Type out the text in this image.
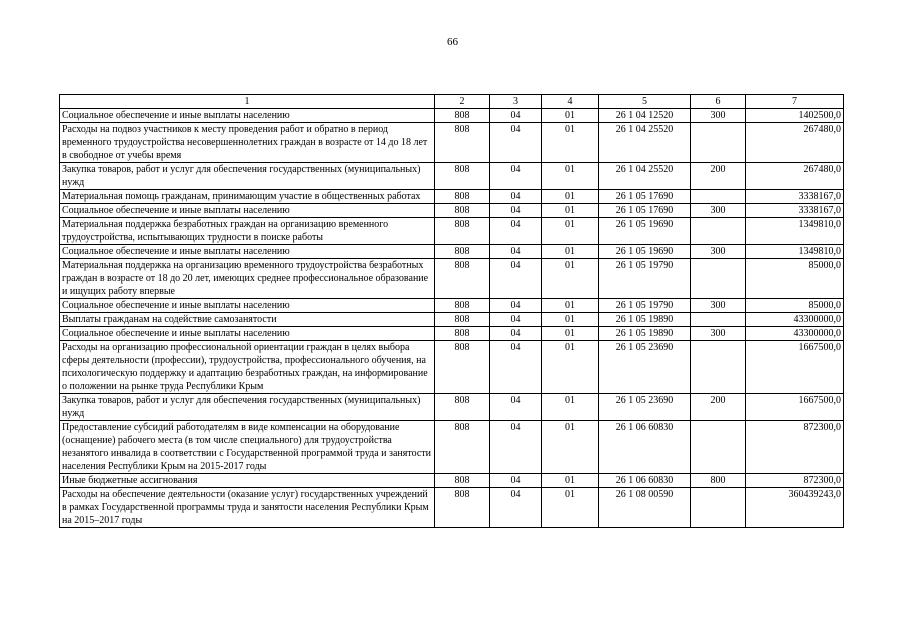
66
1	2	3	4	5	6	7
Социальное обеспечение и иные выплаты населению	808	04	01	26 1 04 12520	300	1402500,0
Расходы на подвоз участников к месту проведения работ и обратно в период временного трудоустройства несовершеннолетних граждан в возрасте от 14 до 18 лет в свободное от учебы время	808	04	01	26 1 04 25520		267480,0
Закупка товаров, работ и услуг для обеспечения государственных (муниципальных) нужд	808	04	01	26 1 04 25520	200	267480,0
Материальная помощь гражданам, принимающим участие в общественных работах	808	04	01	26 1 05 17690		3338167,0
Социальное обеспечение и иные выплаты населению	808	04	01	26 1 05 17690	300	3338167,0
Материальная поддержка безработных граждан на организацию временного трудоустройства, испытывающих трудности в поиске работы	808	04	01	26 1 05 19690		1349810,0
Социальное обеспечение и иные выплаты населению	808	04	01	26 1 05 19690	300	1349810,0
Материальная поддержка на организацию временного трудоустройства безработных граждан в возрасте от 18 до 20 лет, имеющих среднее профессиональное образование и ищущих работу впервые	808	04	01	26 1 05 19790		85000,0
Социальное обеспечение и иные выплаты населению	808	04	01	26 1 05 19790	300	85000,0
Выплаты гражданам на содействие самозанятости	808	04	01	26 1 05 19890		43300000,0
Социальное обеспечение и иные выплаты населению	808	04	01	26 1 05 19890	300	43300000,0
Расходы на организацию профессиональной ориентации граждан в целях выбора сферы деятельности (профессии), трудоустройства, профессионального обучения, на психологическую поддержку и адаптацию безработных граждан, на информирование о положении на рынке труда Республики Крым	808	04	01	26 1 05 23690		1667500,0
Закупка товаров, работ и услуг для обеспечения государственных (муниципальных) нужд	808	04	01	26 1 05 23690	200	1667500,0
Предоставление субсидий работодателям в виде компенсации на оборудование (оснащение) рабочего места (в том числе специального) для трудоустройства незанятого инвалида в соответствии с Государственной программой труда и занятости населения Республики Крым на 2015-2017 годы	808	04	01	26 1 06 60830		872300,0
Иные бюджетные ассигнования	808	04	01	26 1 06 60830	800	872300,0
Расходы на обеспечение деятельности (оказание услуг) государственных учреждений в рамках Государственной программы труда и занятости населения Республики Крым на 2015–2017 годы	808	04	01	26 1 08 00590		360439243,0
